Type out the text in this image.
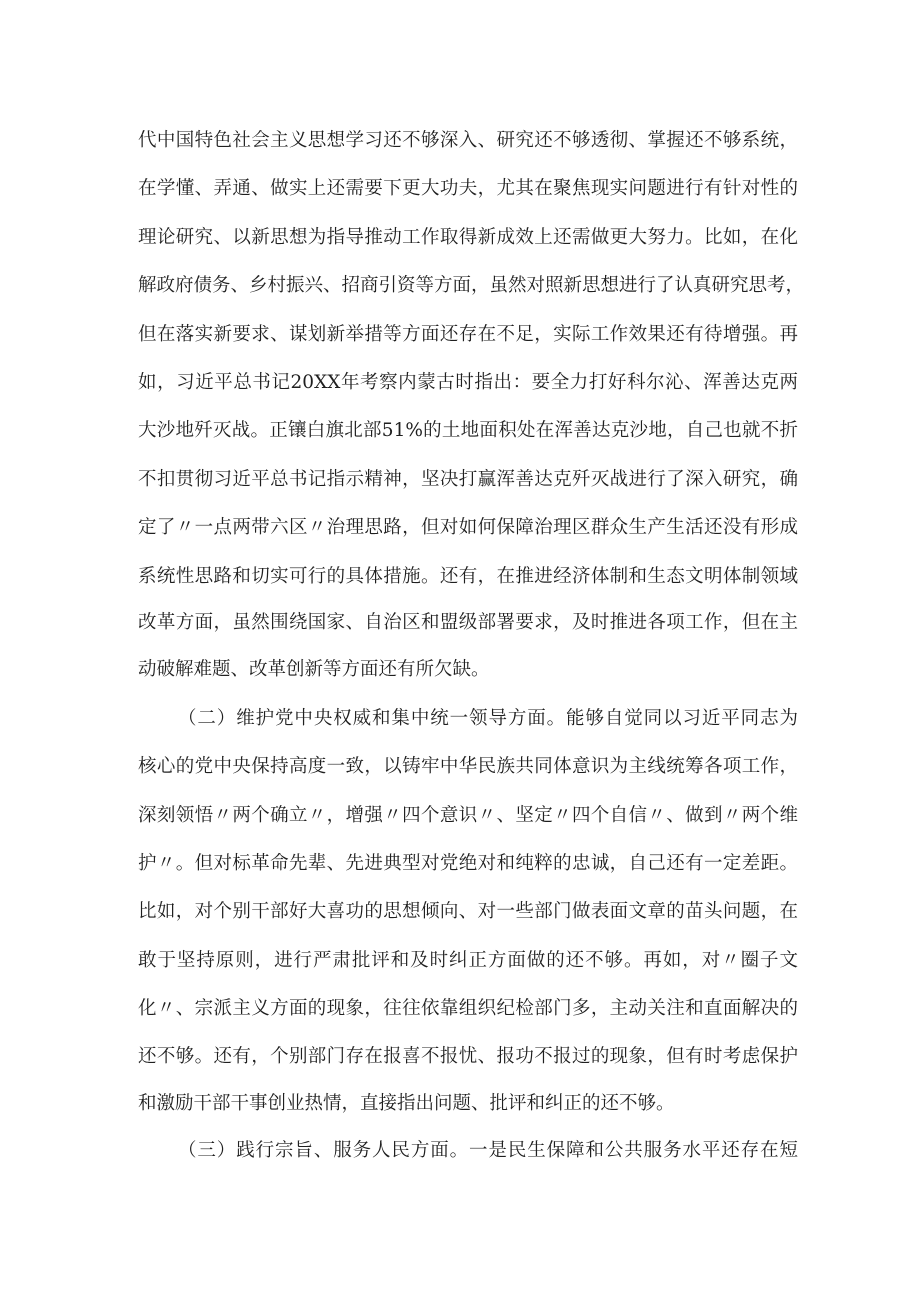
代中国特色社会主义思想学习还不够深入、研究还不够透彻、掌握还不够系统，
在学懂、弄通、做实上还需要下更大功夫，尤其在聚焦现实问题进行有针对性的
理论研究、以新思想为指导推动工作取得新成效上还需做更大努力。比如，在化
解政府债务、乡村振兴、招商引资等方面，虽然对照新思想进行了认真研究思考，
但在落实新要求、谋划新举措等方面还存在不足，实际工作效果还有待增强。再
如，习近平总书记20XX年考察内蒙古时指出：要全力打好科尔沁、浑善达克两
大沙地歼灭战。正镶白旗北部51%的土地面积处在浑善达克沙地，自己也就不折
不扣贯彻习近平总书记指示精神，坚决打赢浑善达克歼灭战进行了深入研究，确
定了〃一点两带六区〃治理思路，但对如何保障治理区群众生产生活还没有形成
系统性思路和切实可行的具体措施。还有，在推进经济体制和生态文明体制领域
改革方面，虽然围绕国家、自治区和盟级部署要求，及时推进各项工作，但在主
动破解难题、改革创新等方面还有所欠缺。
（二）维护党中央权威和集中统一领导方面。能够自觉同以习近平同志为
核心的党中央保持高度一致，以铸牢中华民族共同体意识为主线统筹各项工作，
深刻领悟〃两个确立〃，增强〃四个意识〃、坚定〃四个自信〃、做到〃两个维
护〃。但对标革命先辈、先进典型对党绝对和纯粹的忠诚，自己还有一定差距。
比如，对个别干部好大喜功的思想倾向、对一些部门做表面文章的苗头问题，在
敢于坚持原则，进行严肃批评和及时纠正方面做的还不够。再如，对〃圈子文
化〃、宗派主义方面的现象，往往依靠组织纪检部门多，主动关注和直面解决的
还不够。还有，个别部门存在报喜不报忧、报功不报过的现象，但有时考虑保护
和激励干部干事创业热情，直接指出问题、批评和纠正的还不够。
（三）践行宗旨、服务人民方面。一是民生保障和公共服务水平还存在短
